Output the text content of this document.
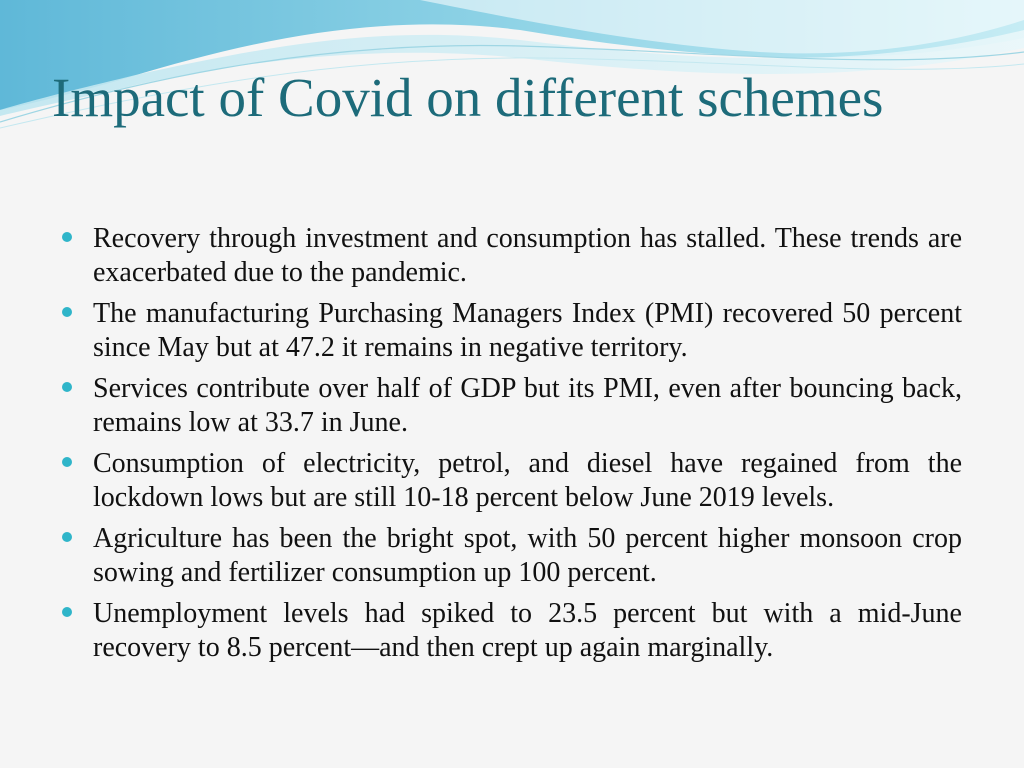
Impact of Covid on different schemes
Recovery through investment and consumption has stalled. These trends are exacerbated due to the pandemic.
The manufacturing Purchasing Managers Index (PMI) recovered 50 percent since May but at 47.2 it remains in negative territory.
Services contribute over half of GDP but its PMI, even after bouncing back, remains low at 33.7 in June.
Consumption of electricity, petrol, and diesel have regained from the lockdown lows but are still 10-18 percent below June 2019 levels.
Agriculture has been the bright spot, with 50 percent higher monsoon crop sowing and fertilizer consumption up 100 percent.
Unemployment levels had spiked to 23.5 percent but with a mid-June recovery to 8.5 percent—and then crept up again marginally.
